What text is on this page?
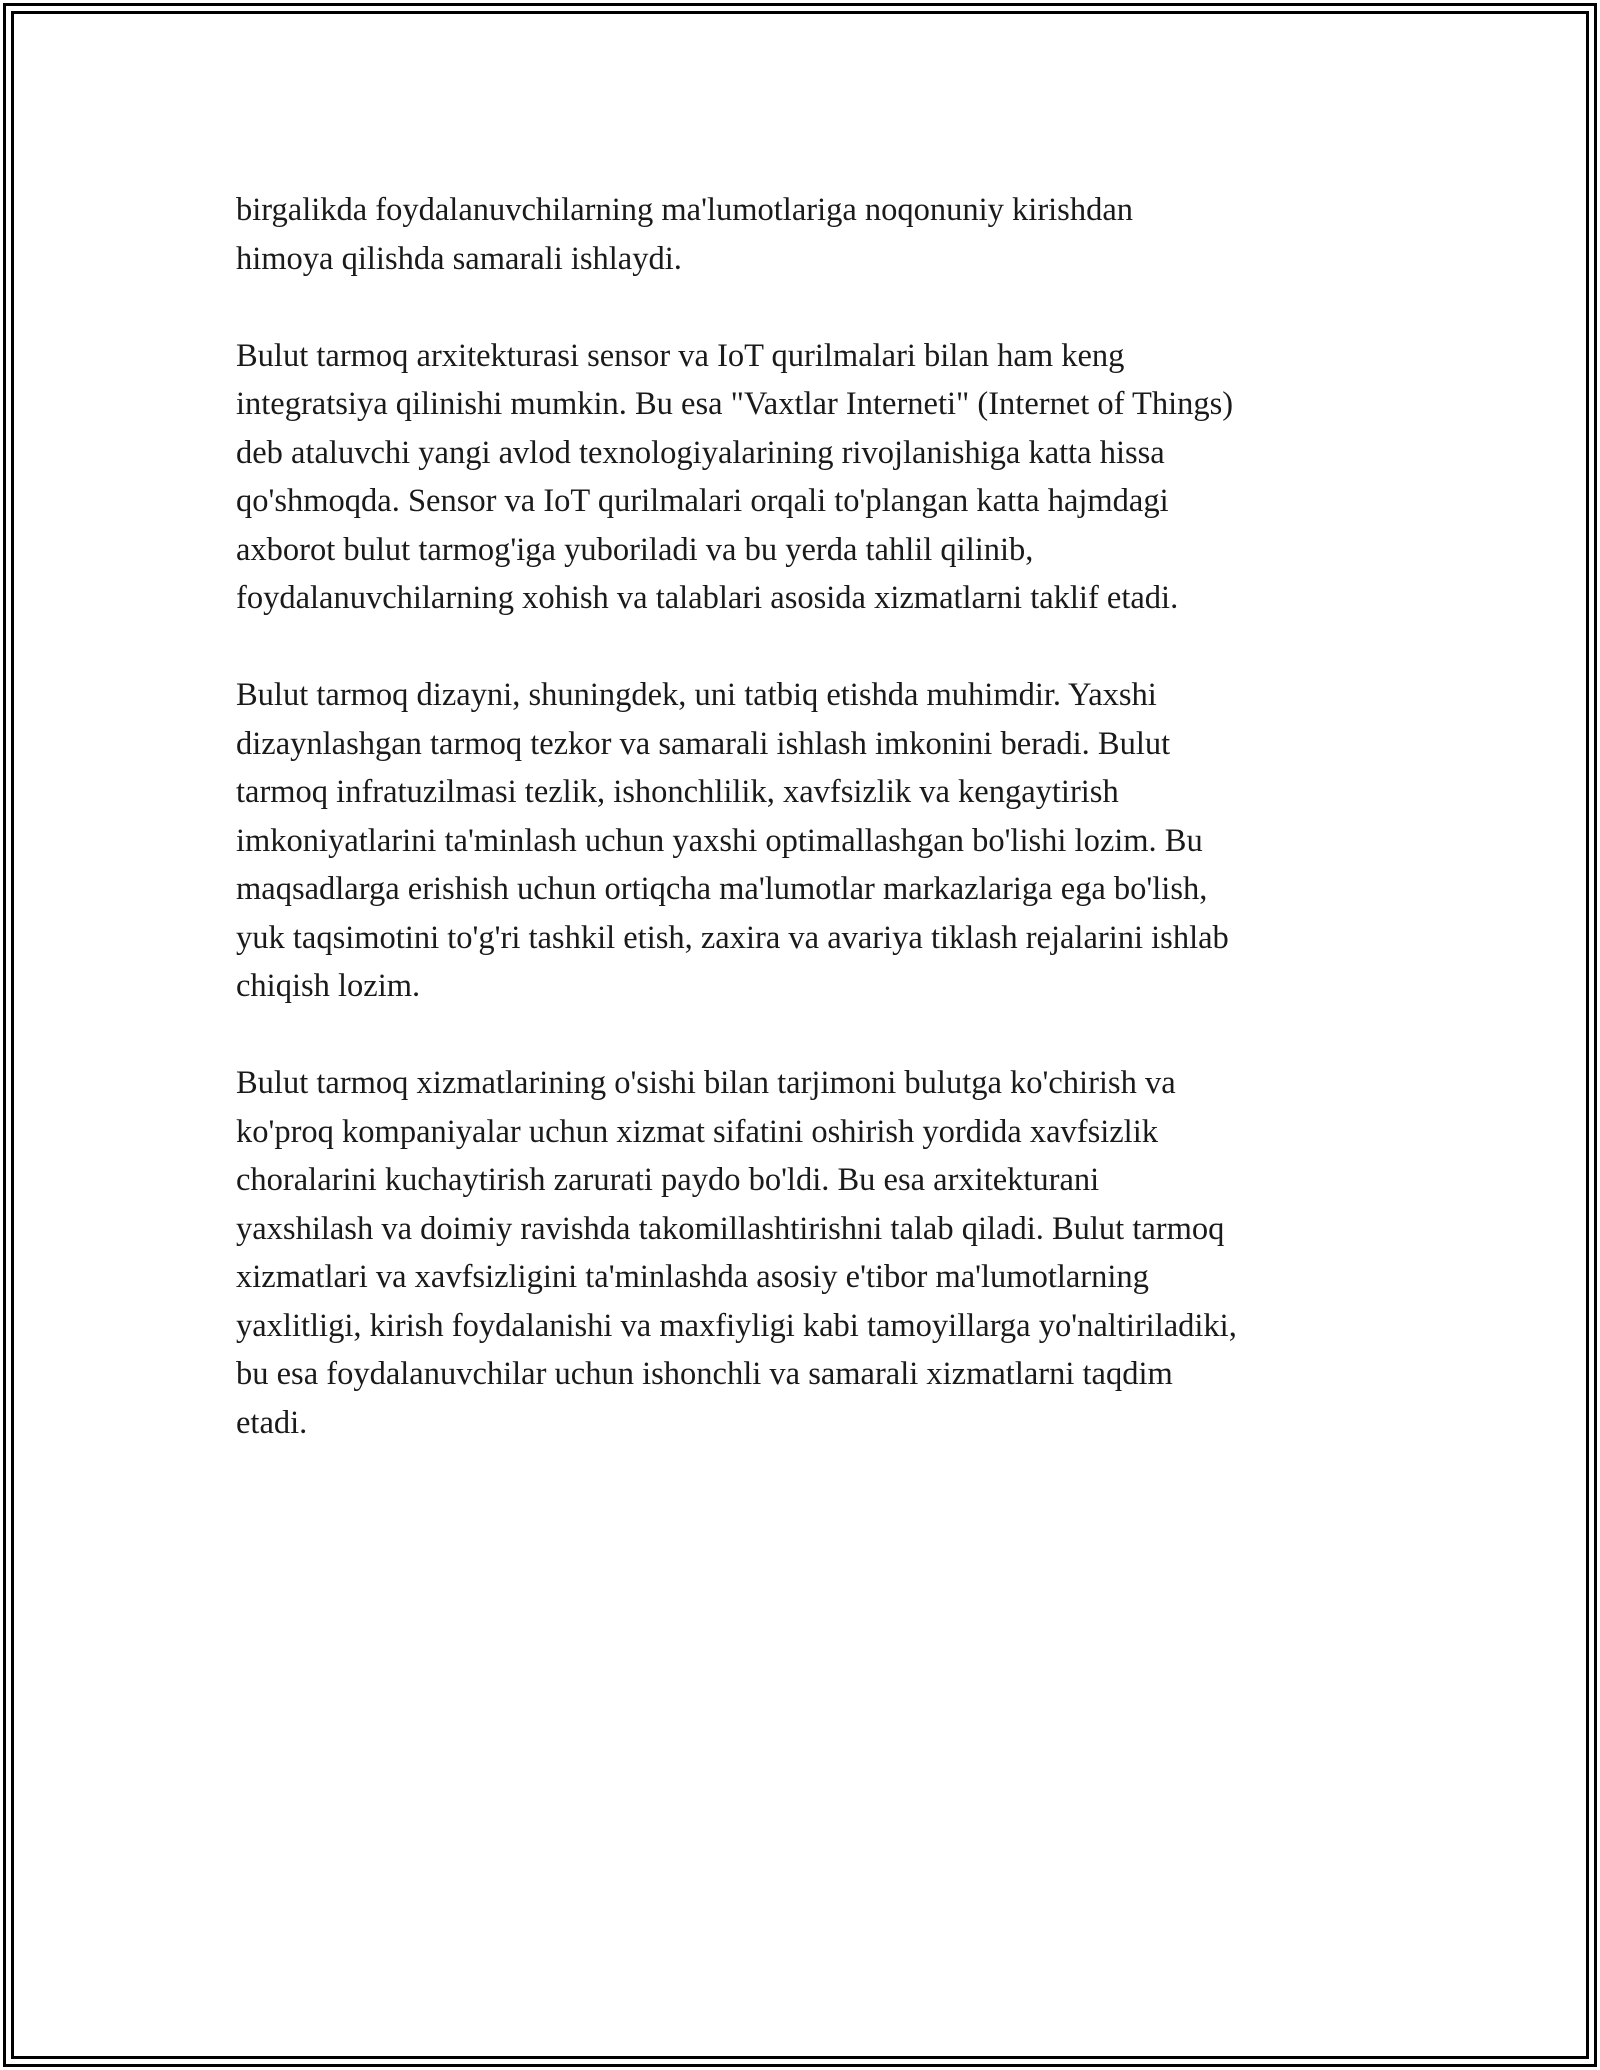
birgalikda foydalanuvchilarning ma'lumotlariga noqonuniy kirishdan
himoya qilishda samarali ishlaydi.

Bulut tarmoq arxitekturasi sensor va IoT qurilmalari bilan ham keng
integratsiya qilinishi mumkin. Bu esa "Vaxtlar Interneti" (Internet of Things)
deb ataluvchi yangi avlod texnologiyalarining rivojlanishiga katta hissa
qo'shmoqda. Sensor va IoT qurilmalari orqali to'plangan katta hajmdagi
axborot bulut tarmog'iga yuboriladi va bu yerda tahlil qilinib,
foydalanuvchilarning xohish va talablari asosida xizmatlarni taklif etadi.

Bulut tarmoq dizayni, shuningdek, uni tatbiq etishda muhimdir. Yaxshi
dizaynlashgan tarmoq tezkor va samarali ishlash imkonini beradi. Bulut
tarmoq infratuzilmasi tezlik, ishonchlilik, xavfsizlik va kengaytirish
imkoniyatlarini ta'minlash uchun yaxshi optimallashgan bo'lishi lozim. Bu
maqsadlarga erishish uchun ortiqcha ma'lumotlar markazlariga ega bo'lish,
yuk taqsimotini to'g'ri tashkil etish, zaxira va avariya tiklash rejalarini ishlab
chiqish lozim.

Bulut tarmoq xizmatlarining o'sishi bilan tarjimoni bulutga ko'chirish va
ko'proq kompaniyalar uchun xizmat sifatini oshirish yordida xavfsizlik
choralarini kuchaytirish zarurati paydo bo'ldi. Bu esa arxitekturani
yaxshilash va doimiy ravishda takomillashtirishni talab qiladi. Bulut tarmoq
xizmatlari va xavfsizligini ta'minlashda asosiy e'tibor ma'lumotlarning
yaxlitligi, kirish foydalanishi va maxfiyligi kabi tamoyillarga yo'naltiriladiki,
bu esa foydalanuvchilar uchun ishonchli va samarali xizmatlarni taqdim
etadi.
